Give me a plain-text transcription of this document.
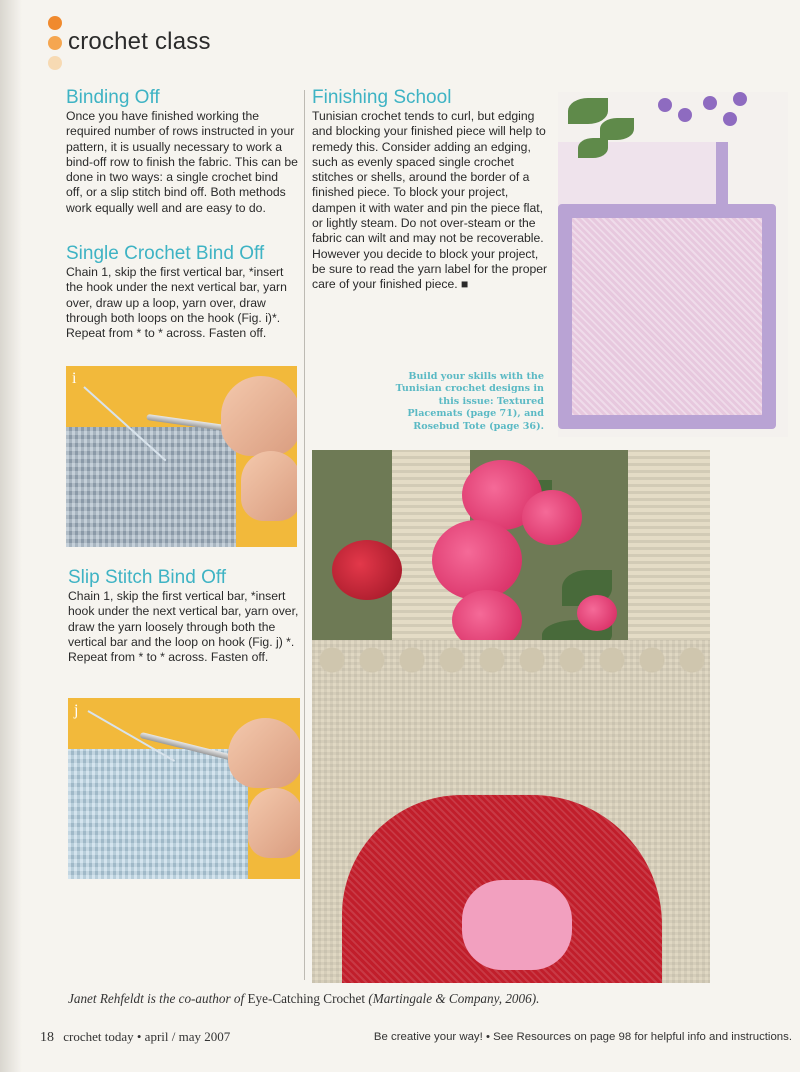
crochet class
Binding Off
Once you have finished working the required number of rows instructed in your pattern, it is usually necessary to work a bind-off row to finish the fabric. This can be done in two ways: a single crochet bind off, or a slip stitch bind off. Both methods work equally well and are easy to do.
Single Crochet Bind Off
Chain 1, skip the first vertical bar, *insert the hook under the next vertical bar, yarn over, draw up a loop, yarn over, draw through both loops on the hook (Fig. i)*. Repeat from * to * across. Fasten off.
i
Slip Stitch Bind Off
Chain 1, skip the first vertical bar, *insert hook under the next vertical bar, yarn over, draw the yarn loosely through both the vertical bar and the loop on hook (Fig. j) *. Repeat from * to * across. Fasten off.
j
Finishing School
Tunisian crochet tends to curl, but edging and blocking your finished piece will help to remedy this. Consider adding an edging, such as evenly spaced single crochet stitches or shells, around the border of a finished piece. To block your project, dampen it with water and pin the piece flat, or lightly steam. Do not over-steam or the fabric can wilt and may not be recoverable. However you decide to block your project, be sure to read the yarn label for the proper care of your finished piece. ■
Build your skills with the Tunisian crochet designs in this issue: Textured Placemats (page 71), and Rosebud Tote (page 36).
Janet Rehfeldt is the co-author of Eye-Catching Crochet (Martingale & Company, 2006).
18 crochet today • april / may 2007	Be creative your way! • See Resources on page 98 for helpful info and instructions.
